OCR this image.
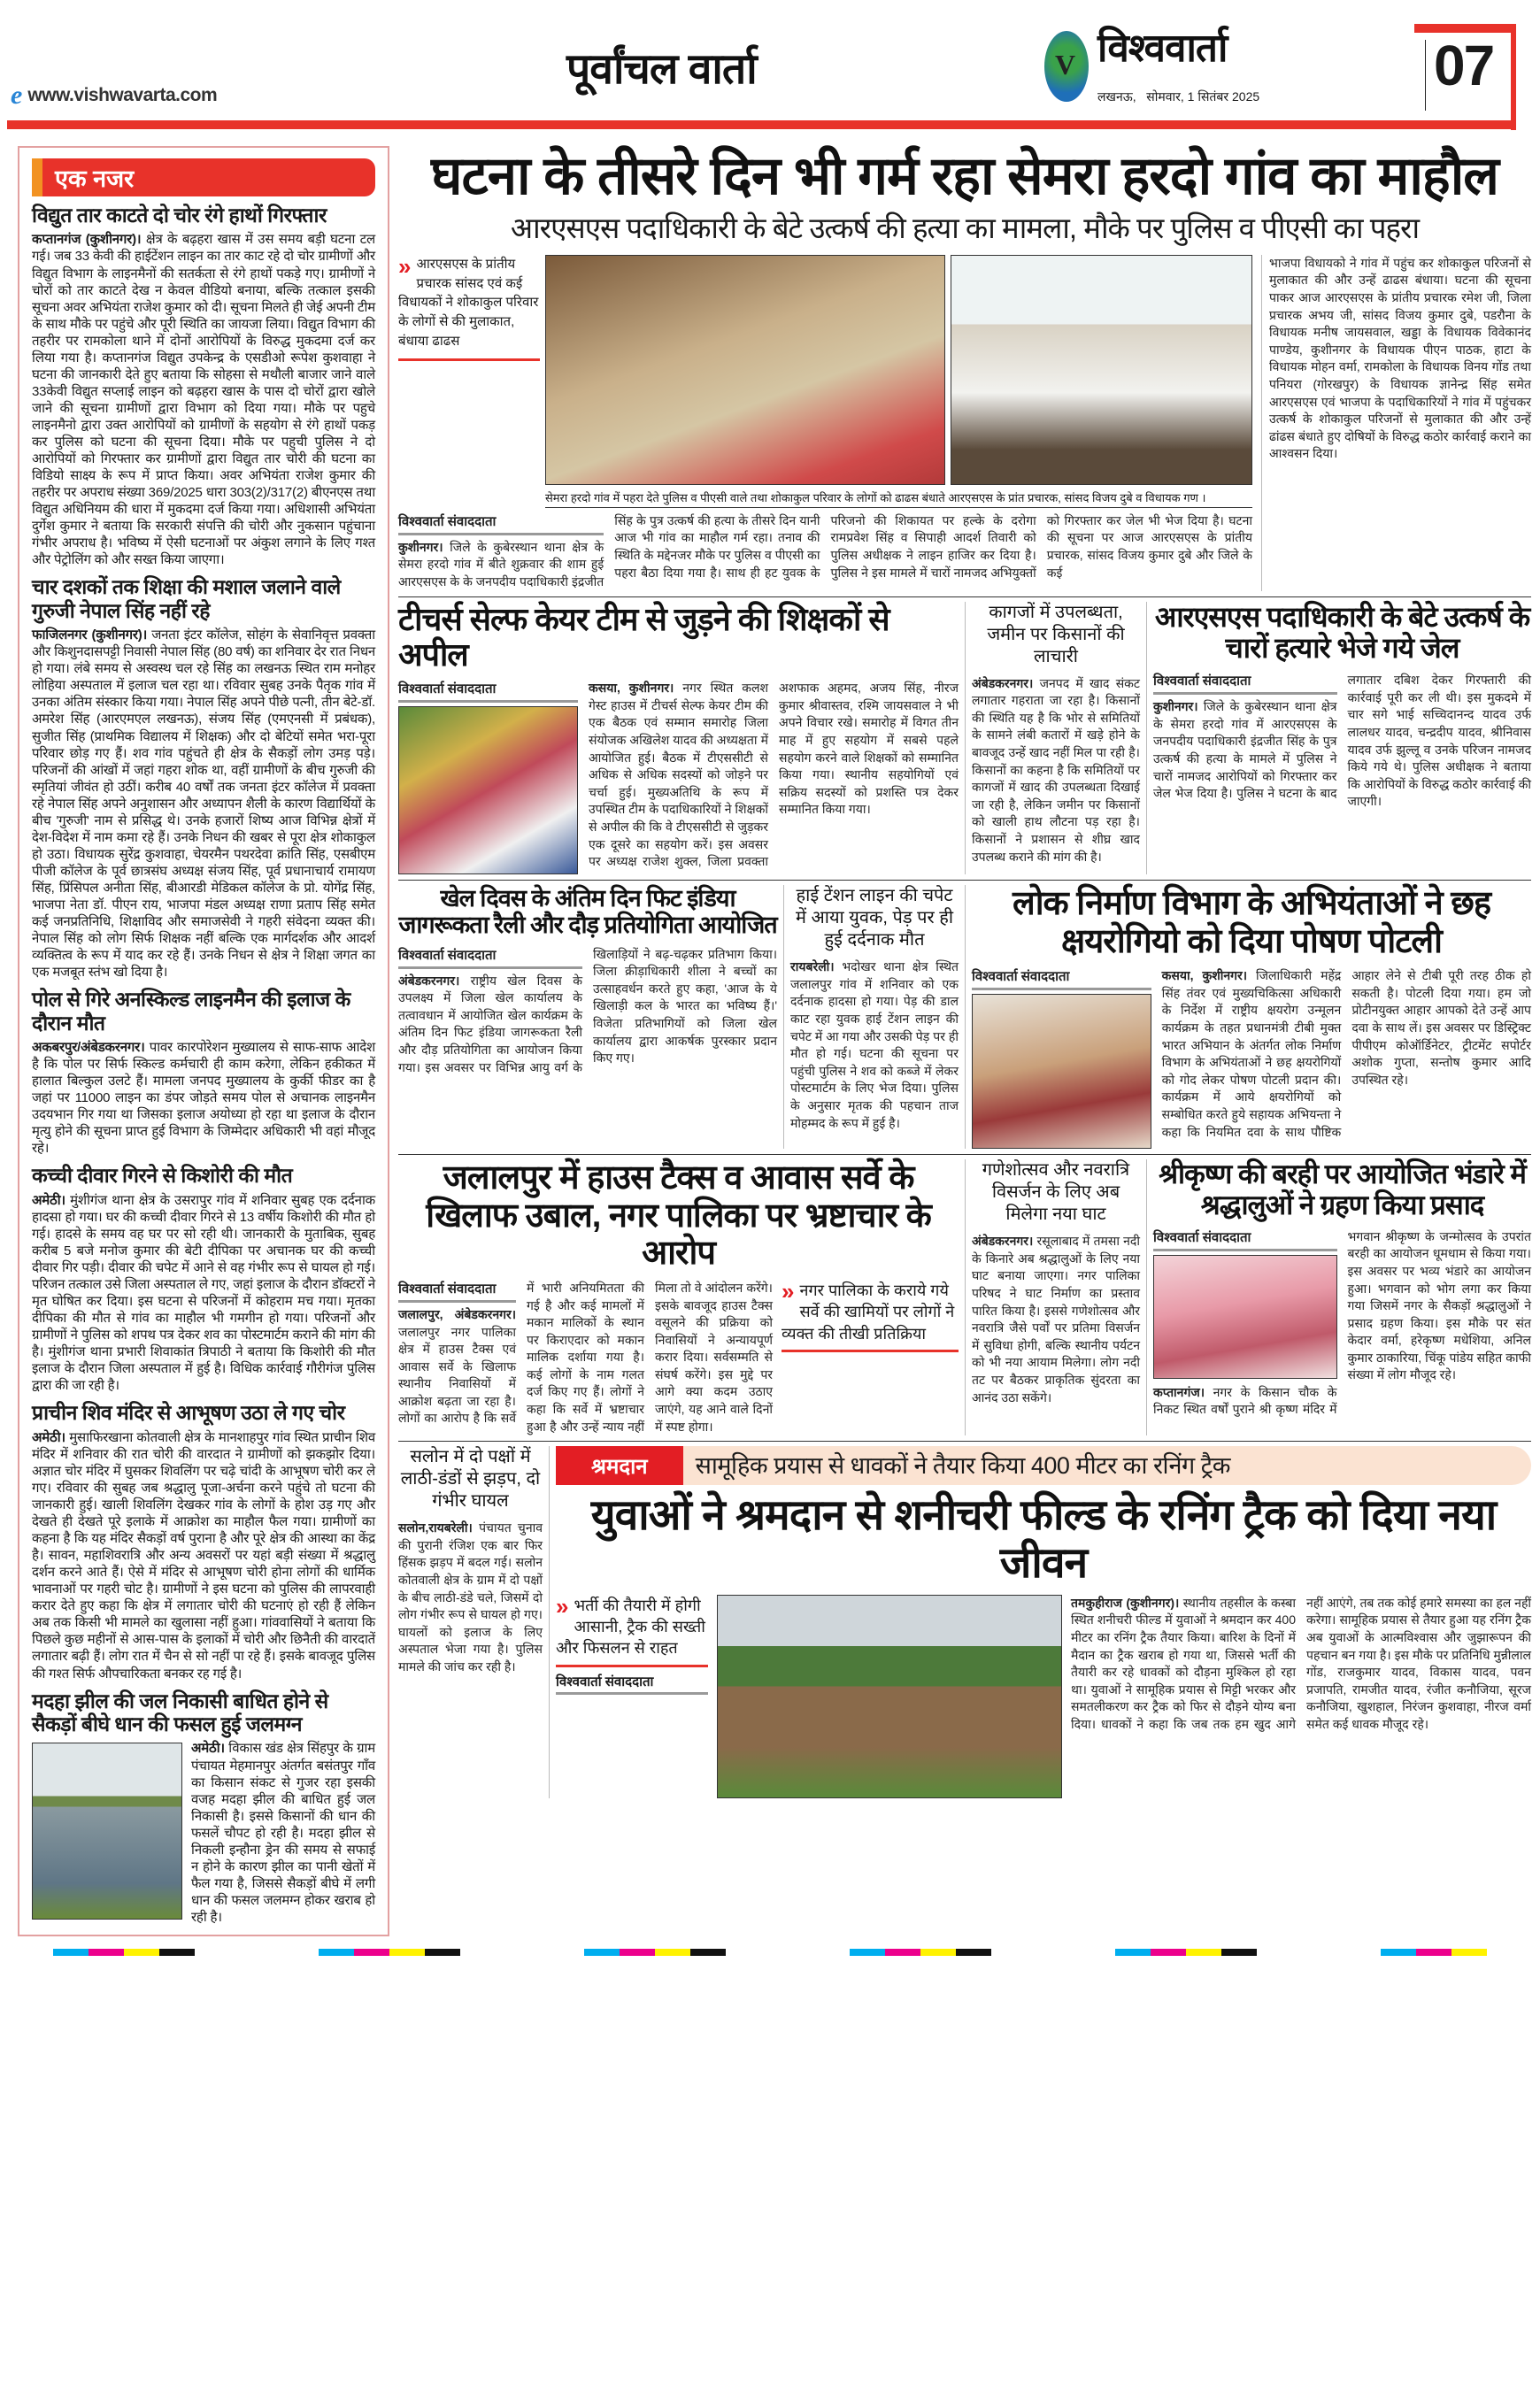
e www.vishwavarta.com
पूर्वांचल वार्ता	V विश्ववार्ता
लखनऊ,   सोमवार, 1 सितंबर 2025	07
एक नजर
विद्युत तार काटते दो चोर रंगे हाथों गिरफ्तार

कप्तानगंज (कुशीनगर)। क्षेत्र के बढ़हरा खास में उस समय बड़ी घटना टल गई। जब 33 केवी की हाईटेंशन लाइन का तार काट रहे दो चोर ग्रामीणों और विद्युत विभाग के लाइनमैनों की सतर्कता से रंगे हाथों पकड़े गए। ग्रामीणों ने चोरों को तार काटते देख न केवल वीडियो बनाया, बल्कि तत्काल इसकी सूचना अवर अभियंता राजेश कुमार को दी। सूचना मिलते ही जेई अपनी टीम के साथ मौके पर पहुंचे और पूरी स्थिति का जायजा लिया। विद्युत विभाग की तहरीर पर रामकोला थाने में दोनों आरोपियों के विरुद्ध मुकदमा दर्ज कर लिया गया है। कप्तानगंज विद्युत उपकेन्द्र के एसडीओ रूपेश कुशवाहा ने घटना की जानकारी देते हुए बताया कि सोहसा से मथौली बाजार जाने वाले 33केवी विद्युत सप्लाई लाइन को बढ़हरा खास के पास दो चोरों द्वारा खोले जाने की सूचना ग्रामीणों द्वारा विभाग को दिया गया। मौके पर पहुचे लाइनमैनो द्वारा उक्त आरोपियों को ग्रामीणों के सहयोग से रंगे हाथों पकड़ कर पुलिस को घटना की सूचना दिया। मौके पर पहुची पुलिस ने दो आरोपियों को गिरफ्तार कर ग्रामीणों द्वारा विद्युत तार चोरी की घटना का विडियो साक्ष्य के रूप में प्राप्त किया। अवर अभियंता राजेश कुमार की तहरीर पर अपराध संख्या 369/2025 धारा 303(2)/317(2) बीएनएस तथा विद्युत अधिनियम की धारा में मुकदमा दर्ज किया गया। अधिशासी अभियंता दुर्गेश कुमार ने बताया कि सरकारी संपत्ति की चोरी और नुकसान पहुंचाना गंभीर अपराध है। भविष्य में ऐसी घटनाओं पर अंकुश लगाने के लिए गश्त और पेट्रोलिंग को और सख्त किया जाएगा।

चार दशकों तक शिक्षा की मशाल जलाने वाले गुरुजी नेपाल सिंह नहीं रहे

फाजिलनगर (कुशीनगर)। जनता इंटर कॉलेज, सोहंग के सेवानिवृत्त प्रवक्ता और किशुनदासपट्टी निवासी नेपाल सिंह (80 वर्ष) का शनिवार देर रात निधन हो गया। लंबे समय से अस्वस्थ चल रहे सिंह का लखनऊ स्थित राम मनोहर लोहिया अस्पताल में इलाज चल रहा था। रविवार सुबह उनके पैतृक गांव में उनका अंतिम संस्कार किया गया। नेपाल सिंह अपने पीछे पत्नी, तीन बेटे-डॉ. अमरेश सिंह (आरएमएल लखनऊ), संजय सिंह (एमएनसी में प्रबंधक), सुजीत सिंह (प्राथमिक विद्यालय में शिक्षक) और दो बेटियों समेत भरा-पूरा परिवार छोड़ गए हैं। शव गांव पहुंचते ही क्षेत्र के सैकड़ों लोग उमड़ पड़े। परिजनों की आंखों में जहां गहरा शोक था, वहीं ग्रामीणों के बीच गुरुजी की स्मृतियां जीवंत हो उठीं। करीब 40 वर्षों तक जनता इंटर कॉलेज में प्रवक्ता रहे नेपाल सिंह अपने अनुशासन और अध्यापन शैली के कारण विद्यार्थियों के बीच 'गुरुजी' नाम से प्रसिद्ध थे। उनके हजारों शिष्य आज विभिन्न क्षेत्रों में देश-विदेश में नाम कमा रहे हैं। उनके निधन की खबर से पूरा क्षेत्र शोकाकुल हो उठा। विधायक सुरेंद्र कुशवाहा, चेयरमैन पथरदेवा क्रांति सिंह, एसबीएम पीजी कॉलेज के पूर्व छात्रसंघ अध्यक्ष संजय सिंह, पूर्व प्रधानाचार्य रामायण सिंह, प्रिंसिपल अनीता सिंह, बीआरडी मेडिकल कॉलेज के प्रो. योगेंद्र सिंह, भाजपा नेता डॉ. पीएन राय, भाजपा मंडल अध्यक्ष राणा प्रताप सिंह समेत कई जनप्रतिनिधि, शिक्षाविद और समाजसेवी ने गहरी संवेदना व्यक्त की। नेपाल सिंह को लोग सिर्फ शिक्षक नहीं बल्कि एक मार्गदर्शक और आदर्श व्यक्तित्व के रूप में याद कर रहे हैं। उनके निधन से क्षेत्र ने शिक्षा जगत का एक मजबूत स्तंभ खो दिया है।

पोल से गिरे अनस्किल्ड लाइनमैन की इलाज के दौरान मौत

अकबरपुर/अंबेडकरनगर। पावर कारपोरेशन मुख्यालय से साफ-साफ आदेश है कि पोल पर सिर्फ स्किल्ड कर्मचारी ही काम करेगा, लेकिन हकीकत में हालात बिल्कुल उलटे हैं। मामला जनपद मुख्यालय के कुर्की फीडर का है जहां पर 11000 लाइन का डंपर जोड़ते समय पोल से अचानक लाइनमैन उदयभान गिर गया था जिसका इलाज अयोध्या हो रहा था इलाज के दौरान मृत्यु होने की सूचना प्राप्त हुई विभाग के जिम्मेदार अधिकारी भी वहां मौजूद रहे।

कच्ची दीवार गिरने से किशोरी की मौत

अमेठी। मुंशीगंज थाना क्षेत्र के उसरापुर गांव में शनिवार सुबह एक दर्दनाक हादसा हो गया। घर की कच्ची दीवार गिरने से 13 वर्षीय किशोरी की मौत हो गई। हादसे के समय वह घर पर सो रही थी। जानकारी के मुताबिक, सुबह करीब 5 बजे मनोज कुमार की बेटी दीपिका पर अचानक घर की कच्ची दीवार गिर पड़ी। दीवार की चपेट में आने से वह गंभीर रूप से घायल हो गई। परिजन तत्काल उसे जिला अस्पताल ले गए, जहां इलाज के दौरान डॉक्टरों ने मृत घोषित कर दिया। इस घटना से परिजनों में कोहराम मच गया। मृतका दीपिका की मौत से गांव का माहौल भी गमगीन हो गया। परिजनों और ग्रामीणों ने पुलिस को शपथ पत्र देकर शव का पोस्टमार्टम कराने की मांग की है। मुंशीगंज थाना प्रभारी शिवाकांत त्रिपाठी ने बताया कि किशोरी की मौत इलाज के दौरान जिला अस्पताल में हुई है। विधिक कार्रवाई गौरीगंज पुलिस द्वारा की जा रही है।

प्राचीन शिव मंदिर से आभूषण उठा ले गए चोर

अमेठी। मुसाफिरखाना कोतवाली क्षेत्र के मानशाहपुर गांव स्थित प्राचीन शिव मंदिर में शनिवार की रात चोरी की वारदात ने ग्रामीणों को झकझोर दिया। अज्ञात चोर मंदिर में घुसकर शिवलिंग पर चढ़े चांदी के आभूषण चोरी कर ले गए। रविवार की सुबह जब श्रद्धालु पूजा-अर्चना करने पहुंचे तो घटना की जानकारी हुई। खाली शिवलिंग देखकर गांव के लोगों के होश उड़ गए और देखते ही देखते पूरे इलाके में आक्रोश का माहौल फैल गया। ग्रामीणों का कहना है कि यह मंदिर सैकड़ों वर्ष पुराना है और पूरे क्षेत्र की आस्था का केंद्र है। सावन, महाशिवरात्रि और अन्य अवसरों पर यहां बड़ी संख्या में श्रद्धालु दर्शन करने आते हैं। ऐसे में मंदिर से आभूषण चोरी होना लोगों की धार्मिक भावनाओं पर गहरी चोट है। ग्रामीणों ने इस घटना को पुलिस की लापरवाही करार देते हुए कहा कि क्षेत्र में लगातार चोरी की घटनाएं हो रही हैं लेकिन अब तक किसी भी मामले का खुलासा नहीं हुआ। गांववासियों ने बताया कि पिछले कुछ महीनों से आस-पास के इलाकों में चोरी और छिनैती की वारदातें लगातार बढ़ी हैं। लोग रात में चैन से सो नहीं पा रहे हैं। इसके बावजूद पुलिस की गश्त सिर्फ औपचारिकता बनकर रह गई है।

मदहा झील की जल निकासी बाधित होने से सैकड़ों बीघे धान की फसल हुई जलमग्न

अमेठी। विकास खंड क्षेत्र सिंहपुर के ग्राम पंचायत मेहमानपुर अंतर्गत बसंतपुर गाँव का किसान संकट से गुजर रहा इसकी वजह मदहा झील की बाधित हुई जल निकासी है। इससे किसानों की धान की फसलें चौपट हो रही है। मदहा झील से निकली इन्हौना ड्रेन की समय से सफाई न होने के कारण झील का पानी खेतों में फैल गया है, जिससे सैकड़ों बीघे में लगी धान की फसल जलमग्न होकर खराब हो रही है।

घटना के तीसरे दिन भी गर्म रहा सेमरा हरदो गांव का माहौल
आरएसएस पदाधिकारी के बेटे उत्कर्ष की हत्या का मामला, मौके पर पुलिस व पीएसी का पहरा
» आरएसएस के प्रांतीय प्रचारक सांसद एवं कई विधायकों ने शोकाकुल परिवार के लोगों से की मुलाकात, बंधाया ढाढस
सेमरा हरदो गांव में पहरा देते पुलिस व पीएसी वाले तथा शोकाकुल परिवार के लोगों को ढाढस बंधाते आरएसएस के प्रांत प्रचारक, सांसद विजय दुबे व विधायक गण ।
विश्ववार्ता संवाददाता
कुशीनगर। जिले के कुबेरस्थान थाना क्षेत्र के सेमरा हरदो गांव में बीते शुक्रवार की शाम हुई आरएसएस के के जनपदीय पदाधिकारी इंद्रजीत सिंह के पुत्र उत्कर्ष की हत्या के तीसरे दिन यानी आज भी गांव का माहौल गर्म रहा। तनाव की स्थिति के मद्देनजर मौके पर पुलिस व पीएसी का पहरा बैठा दिया गया है। साथ ही हट युवक के परिजनो की शिकायत पर हल्के के दरोगा रामप्रवेश सिंह व सिपाही आदर्श तिवारी को पुलिस अधीक्षक ने लाइन हाजिर कर दिया है। पुलिस ने इस मामले में चारों नामजद अभियुक्तों को गिरफ्तार कर जेल भी भेज दिया है। घटना की सूचना पर आज आरएसएस के प्रांतीय प्रचारक, सांसद विजय कुमार दुबे और जिले के कई
भाजपा विधायको ने गांव में पहुंच कर शोकाकुल परिजनों से मुलाकात की और उन्हें ढाढस बंधाया। घटना की सूचना पाकर आज आरएसएस के प्रांतीय प्रचारक रमेश जी, जिला प्रचारक अभय जी, सांसद विजय कुमार दुबे, पडरौना के विधायक मनीष जायसवाल, खड्डा के विधायक विवेकानंद पाण्डेय, कुशीनगर के विधायक पीएन पाठक, हाटा के विधायक मोहन वर्मा, रामकोला के विधायक विनय गोंड तथा पनियरा (गोरखपुर) के विधायक ज्ञानेन्द्र सिंह समेत आरएसएस एवं भाजपा के पदाधिकारियों ने गांव में पहुंचकर उत्कर्ष के शोकाकुल परिजनों से मुलाकात की और उन्हें ढांढस बंधाते हुए दोषियों के विरुद्ध कठोर कार्रवाई कराने का आश्वसन दिया।
टीचर्स सेल्फ केयर टीम से जुड़ने की शिक्षकों से अपील
विश्ववार्ता संवाददाता	कसया, कुशीनगर। नगर स्थित कलश गेस्ट हाउस में टीचर्स सेल्फ केयर टीम की एक बैठक एवं सम्मान समारोह जिला संयोजक अखिलेश यादव की अध्यक्षता में आयोजित हुई। बैठक में टीएससीटी से अधिक से अधिक सदस्यों को जोड़ने पर चर्चा हुई। मुख्यअतिथि के रूप में उपस्थित टीम के पदाधिकारियों ने शिक्षकों से अपील की कि वे टीएससीटी से जुड़कर एक दूसरे का सहयोग करें। इस अवसर पर अध्यक्ष राजेश शुक्ल, जिला प्रवक्ता अशफाक अहमद, अजय सिंह, नीरज कुमार श्रीवास्तव, रश्मि जायसवाल ने भी अपने विचार रखे। समारोह में विगत तीन माह में हुए सहयोग में सबसे पहले सहयोग करने वाले शिक्षकों को सम्मानित किया गया। स्थानीय सहयोगियों एवं सक्रिय सदस्यों को प्रशस्ति पत्र देकर सम्मानित किया गया।
कागजों में उपलब्धता, जमीन पर किसानों की लाचारी
अंबेडकरनगर। जनपद में खाद संकट लगातार गहराता जा रहा है। किसानों की स्थिति यह है कि भोर से समितियों के सामने लंबी कतारों में खड़े होने के बावजूद उन्हें खाद नहीं मिल पा रही है। किसानों का कहना है कि समितियों पर कागजों में खाद की उपलब्धता दिखाई जा रही है, लेकिन जमीन पर किसानों को खाली हाथ लौटना पड़ रहा है। किसानों ने प्रशासन से शीघ्र खाद उपलब्ध कराने की मांग की है।
आरएसएस पदाधिकारी के बेटे उत्कर्ष के चारों हत्यारे भेजे गये जेल
विश्ववार्ता संवाददाता
कुशीनगर। जिले के कुबेरस्थान थाना क्षेत्र के सेमरा हरदो गांव में आरएसएस के जनपदीय पदाधिकारी इंद्रजीत सिंह के पुत्र उत्कर्ष की हत्या के मामले में पुलिस ने चारों नामजद आरोपियों को गिरफ्तार कर जेल भेज दिया है। पुलिस ने घटना के बाद लगातार दबिश देकर गिरफ्तारी की कार्रवाई पूरी कर ली थी। इस मुकदमे में चार सगे भाई सच्चिदानन्द यादव उर्फ लालधर यादव, चन्द्रदीप यादव, श्रीनिवास यादव उर्फ झुल्लू व उनके परिजन नामजद किये गये थे। पुलिस अधीक्षक ने बताया कि आरोपियों के विरुद्ध कठोर कार्रवाई की जाएगी।
खेल दिवस के अंतिम दिन फिट इंडिया जागरूकता रैली और दौड़ प्रतियोगिता आयोजित
विश्ववार्ता संवाददाता
अंबेडकरनगर। राष्ट्रीय खेल दिवस के उपलक्ष्य में जिला खेल कार्यालय के तत्वावधान में आयोजित खेल कार्यक्रम के अंतिम दिन फिट इंडिया जागरूकता रैली और दौड़ प्रतियोगिता का आयोजन किया गया। इस अवसर पर विभिन्न आयु वर्ग के खिलाड़ियों ने बढ़-चढ़कर प्रतिभाग किया। जिला क्रीड़ाधिकारी शीला ने बच्चों का उत्साहवर्धन करते हुए कहा, 'आज के ये खिलाड़ी कल के भारत का भविष्य हैं।' विजेता प्रतिभागियों को जिला खेल कार्यालय द्वारा आकर्षक पुरस्कार प्रदान किए गए।
हाई टेंशन लाइन की चपेट में आया युवक, पेड़ पर ही हुई दर्दनाक मौत
रायबरेली। भदोखर थाना क्षेत्र स्थित जलालपुर गांव में शनिवार को एक दर्दनाक हादसा हो गया। पेड़ की डाल काट रहा युवक हाई टेंशन लाइन की चपेट में आ गया और उसकी पेड़ पर ही मौत हो गई। घटना की सूचना पर पहुंची पुलिस ने शव को कब्जे में लेकर पोस्टमार्टम के लिए भेज दिया। पुलिस के अनुसार मृतक की पहचान ताज मोहम्मद के रूप में हुई है।
लोक निर्माण विभाग के अभियंताओं ने छह क्षयरोगियो को दिया पोषण पोटली
विश्ववार्ता संवाददाता	कसया, कुशीनगर। जिलाधिकारी महेंद्र सिंह तंवर एवं मुख्यचिकित्सा अधिकारी के निर्देश में राष्ट्रीय क्षयरोग उन्मूलन कार्यक्रम के तहत प्रधानमंत्री टीबी मुक्त भारत अभियान के अंतर्गत लोक निर्माण विभाग के अभियंताओं ने छह क्षयरोगियों को गोद लेकर पोषण पोटली प्रदान की। कार्यक्रम में आये क्षयरोगियों को सम्बोधित करते हुये सहायक अभियन्ता ने कहा कि नियमित दवा के साथ पौष्टिक आहार लेने से टीबी पूरी तरह ठीक हो सकती है। पोटली दिया गया। हम जो प्रोटीनयुक्त आहार आपको देते उन्हें आप दवा के साथ लें। इस अवसर पर डिस्ट्रिक्ट पीपीएम कोऑर्डिनेटर, ट्रीटमेंट सपोर्टर अशोक गुप्ता, सन्तोष कुमार आदि उपस्थित रहे।
जलालपुर में हाउस टैक्स व आवास सर्वे के खिलाफ उबाल, नगर पालिका पर भ्रष्टाचार के आरोप
विश्ववार्ता संवाददाता
जलालपुर, अंबेडकरनगर। जलालपुर नगर पालिका क्षेत्र में हाउस टैक्स एवं आवास सर्वे के खिलाफ स्थानीय निवासियों में आक्रोश बढ़ता जा रहा है। लोगों का आरोप है कि सर्वे में भारी अनियमितता की गई है और कई मामलों में मकान मालिकों के स्थान पर किराएदार को मकान मालिक दर्शाया गया है। कई लोगों के नाम गलत दर्ज किए गए हैं। लोगों ने कहा कि सर्वे में भ्रष्टाचार हुआ है और उन्हें न्याय नहीं मिला तो वे आंदोलन करेंगे। इसके बावजूद हाउस टैक्स वसूलने की प्रक्रिया को निवासियों ने अन्यायपूर्ण करार दिया। सर्वसम्मति से संघर्ष करेंगे। इस मुद्दे पर आगे क्या कदम उठाए जाएंगे, यह आने वाले दिनों में स्पष्ट होगा।
» नगर पालिका के कराये गये सर्वे की खामियों पर लोगों ने व्यक्त की तीखी प्रतिक्रिया
गणेशोत्सव और नवरात्रि विसर्जन के लिए अब मिलेगा नया घाट
अंबेडकरनगर। रसूलाबाद में तमसा नदी के किनारे अब श्रद्धालुओं के लिए नया घाट बनाया जाएगा। नगर पालिका परिषद ने घाट निर्माण का प्रस्ताव पारित किया है। इससे गणेशोत्सव और नवरात्रि जैसे पर्वों पर प्रतिमा विसर्जन में सुविधा होगी, बल्कि स्थानीय पर्यटन को भी नया आयाम मिलेगा। लोग नदी तट पर बैठकर प्राकृतिक सुंदरता का आनंद उठा सकेंगे।
श्रीकृष्ण की बरही पर आयोजित भंडारे में श्रद्धालुओं ने ग्रहण किया प्रसाद
विश्ववार्ता संवाददाता
कप्तानगंज। नगर के किसान चौक के निकट स्थित वर्षों पुराने श्री कृष्ण मंदिर में भगवान श्रीकृष्ण के जन्मोत्सव के उपरांत बरही का आयोजन धूमधाम से किया गया। इस अवसर पर भव्य भंडारे का आयोजन हुआ। भगवान को भोग लगा कर किया गया जिसमें नगर के सैकड़ों श्रद्धालुओं ने प्रसाद ग्रहण किया। इस मौके पर संत केदार वर्मा, हरेकृष्ण मधेशिया, अनिल कुमार ठाकारिया, चिंकू पांडेय सहित काफी संख्या में लोग मौजूद रहे।
सलोन में दो पक्षों में लाठी-डंडों से झड़प, दो गंभीर घायल
सलोन,रायबरेली। पंचायत चुनाव की पुरानी रंजिश एक बार फिर हिंसक झड़प में बदल गई। सलोन कोतवाली क्षेत्र के ग्राम में दो पक्षों के बीच लाठी-डंडे चले, जिसमें दो लोग गंभीर रूप से घायल हो गए। घायलों को इलाज के लिए अस्पताल भेजा गया है। पुलिस मामले की जांच कर रही है।
श्रमदान	सामूहिक प्रयास से धावकों ने तैयार किया 400 मीटर का रनिंग ट्रैक
युवाओं ने श्रमदान से शनीचरी फील्ड के रनिंग ट्रैक को दिया नया जीवन
» भर्ती की तैयारी में होगी आसानी, ट्रैक की सख्ती और फिसलन से राहत
विश्ववार्ता संवाददाता
तमकुहीराज (कुशीनगर)। स्थानीय तहसील के कस्बा स्थित शनीचरी फील्ड में युवाओं ने श्रमदान कर 400 मीटर का रनिंग ट्रैक तैयार किया। बारिश के दिनों में मैदान का ट्रैक खराब हो गया था, जिससे भर्ती की तैयारी कर रहे धावकों को दौड़ना मुश्किल हो रहा था। युवाओं ने सामूहिक प्रयास से मिट्टी भरकर और समतलीकरण कर ट्रैक को फिर से दौड़ने योग्य बना दिया। धावकों ने कहा कि जब तक हम खुद आगे नहीं आएंगे, तब तक कोई हमारे समस्या का हल नहीं करेगा। सामूहिक प्रयास से तैयार हुआ यह रनिंग ट्रैक अब युवाओं के आत्मविश्वास और जुझारूपन की पहचान बन गया है। इस मौके पर प्रतिनिधि मुन्नीलाल गोंड, राजकुमार यादव, विकास यादव, पवन प्रजापति, रामजीत यादव, रंजीत कनौजिया, सूरज कनौजिया, खुशहाल, निरंजन कुशवाहा, नीरज वर्मा समेत कई धावक मौजूद रहे।
